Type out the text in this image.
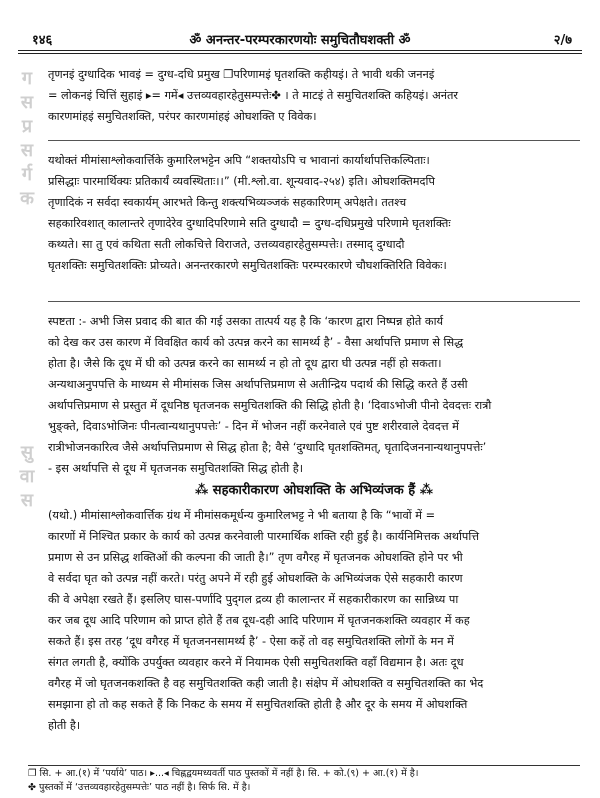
१४६	ॐ अनन्तर-परम्परकारणयोः समुचितौघशक्ती ॐ	२/७
ग
स
प्र
स
र्ग
क
सु
वा
स
तृणनइं दुग्धादिक भावइं = दुग्ध-दधि प्रमुख ❐परिणामइं घृतशक्ति कहीयइं। ते भावी थकी जननइं
= लोकनइं चित्तिं सुहाइं ▸= गमें◂ उत्तव्यवहारहेतुसम्पत्तेः✤ । ते माटइं ते समुचितशक्ति कहियइं। अनंतर
कारणमांहइं समुचितशक्ति, परंपर कारणमांहइं ओघशक्ति ए विवेक।
यथोक्तं मीमांसाश्लोकवार्त्तिके कुमारिलभट्टेन अपि “शक्तयोऽपि च भावानां कार्यार्थापत्तिकल्पिताः।
प्रसिद्धाः पारमार्थिक्यः प्रतिकार्यं व्यवस्थिताः।।” (मी.श्लो.वा. शून्यवाद-२५४) इति। ओघशक्तिमदपि
तृणादिकं न सर्वदा स्वकार्यम् आरभते किन्तु शक्त्यभिव्यञ्जकं सहकारिणम् अपेक्षते। ततश्च
सहकारिवशात् कालान्तरे तृणादेरेव दुग्धादिपरिणामे सति दुग्धादौ = दुग्ध-दधिप्रमुखे परिणामे घृतशक्तिः
कथ्यते। सा तु एवं कथिता सती लोकचित्ते विराजते, उत्तव्यवहारहेतुसम्पत्तेः। तस्माद् दुग्धादौ
घृतशक्तिः समुचितशक्तिः प्रोच्यते। अनन्तरकारणे समुचितशक्तिः परम्परकारणे चौघशक्तिरिति विवेकः।
स्पष्टता :- अभी जिस प्रवाद की बात की गई उसका तात्पर्य यह है कि ‘कारण द्वारा निष्पन्न होते कार्य
को देख कर उस कारण में विवक्षित कार्य को उत्पन्न करने का सामर्थ्य है’ - वैसा अर्थापत्ति प्रमाण से सिद्ध
होता है। जैसे कि दूध में घी को उत्पन्न करने का सामर्थ्य न हो तो दूध द्वारा घी उत्पन्न नहीं हो सकता।
अन्यथाअनुपपत्ति के माध्यम से मीमांसक जिस अर्थापत्तिप्रमाण से अतीन्द्रिय पदार्थ की सिद्धि करते हैं उसी
अर्थापत्तिप्रमाण से प्रस्तुत में दूधनिष्ठ घृतजनक समुचितशक्ति की सिद्धि होती है। ‘दिवाऽभोजी पीनो देवदत्तः रात्रौ
भुङ्क्ते, दिवाऽभोजिनः पीनत्वान्यथानुपपत्तेः’ - दिन में भोजन नहीं करनेवाले एवं पुष्ट शरीरवाले देवदत्त में
रात्रीभोजनकारित्व जैसे अर्थापत्तिप्रमाण से सिद्ध होता है; वैसे ‘दुग्धादि घृतशक्तिमत्, घृतादिजननान्यथानुपपत्तेः’
- इस अर्थापत्ति से दूध में घृतजनक समुचितशक्ति सिद्ध होती है।
⁂ सहकारीकारण ओघशक्ति के अभिव्यंजक हैं ⁂
(यथो.) मीमांसाश्लोकवार्त्तिक ग्रंथ में मीमांसकमूर्धन्य कुमारिलभट्ट ने भी बताया है कि “भावों में =
कारणों में निश्चित प्रकार के कार्य को उत्पन्न करनेवाली पारमार्थिक शक्ति रही हुई है। कार्यनिमित्तक अर्थापत्ति
प्रमाण से उन प्रसिद्ध शक्तिओं की कल्पना की जाती है।” तृण वगैरह में घृतजनक ओघशक्ति होने पर भी
वे सर्वदा घृत को उत्पन्न नहीं करते। परंतु अपने में रही हुई ओघशक्ति के अभिव्यंजक ऐसे सहकारी कारण
की वे अपेक्षा रखते हैं। इसलिए घास-पर्णादि पुद्‌गल द्रव्य ही कालान्तर में सहकारीकारण का सान्निध्य पा
कर जब दूध आदि परिणाम को प्राप्त होते हैं तब दूध-दही आदि परिणाम में घृतजनकशक्ति व्यवहार में कह
सकते हैं। इस तरह ‘दूध वगैरह में घृतजननसामर्थ्य है’ - ऐसा कहें तो वह समुचितशक्ति लोगों के मन में
संगत लगती है, क्योंकि उपर्युक्त व्यवहार करने में नियामक ऐसी समुचितशक्ति वहाँ विद्यमान है। अतः दूध
वगैरह में जो घृतजनकशक्ति है वह समुचितशक्ति कही जाती है। संक्षेप में ओघशक्ति व समुचितशक्ति का भेद
समझाना हो तो कह सकते हैं कि निकट के समय में समुचितशक्ति होती है और दूर के समय में ओघशक्ति
होती है।
❐ सि. + आ.(१) में ‘पर्याये’ पाठ। ▸...◂ चिह्नद्वयमध्यवर्ती पाठ पुस्तकों में नहीं है। सि. + को.(९) + आ.(१) में है।
✤ पुस्तकों में ‘उत्तव्यवहारहेतुसम्पत्तेः’ पाठ नहीं है। सिर्फ सि. में है।
